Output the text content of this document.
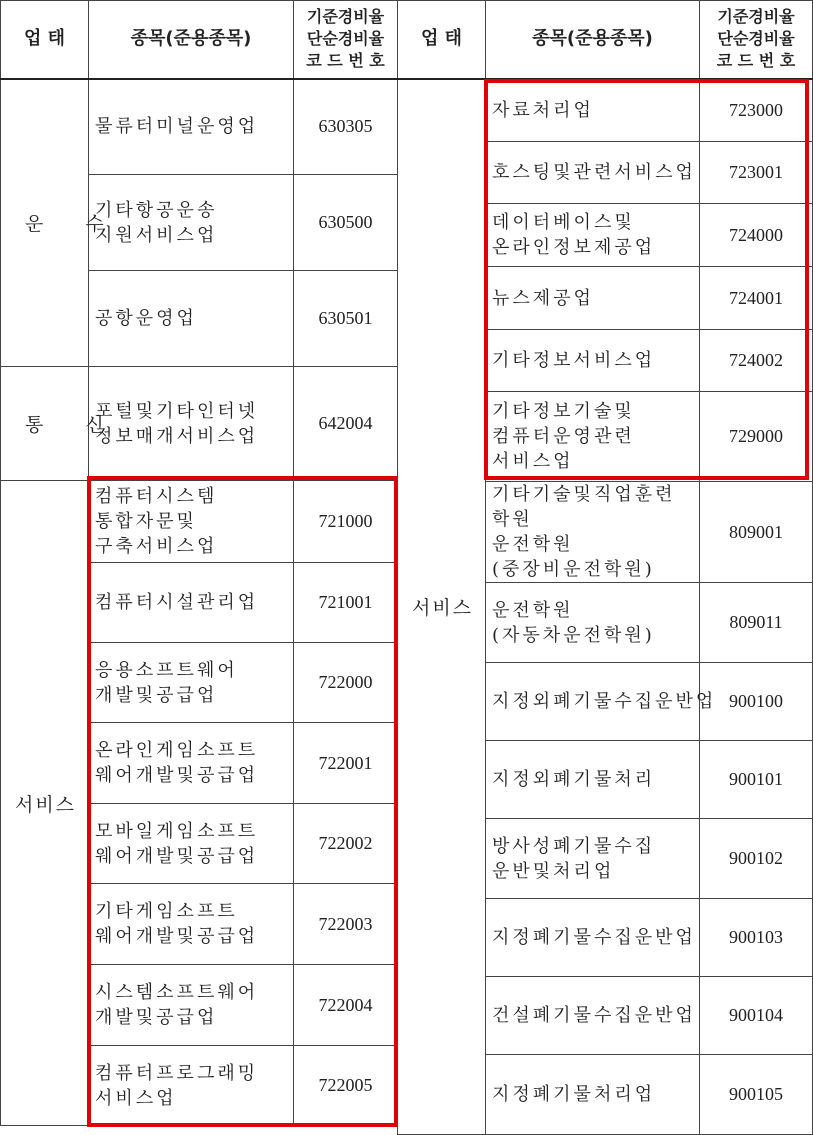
업 태	종목(준용종목)	기준경비율
단순경비율
코 드 번 호

운 수	물류터미널운영업	630305

	기타항공운송
지원서비스업	630500

	공항운영업	630501
통 신	포털및기타인터넷
정보매개서비스업	642004
서비스	컴퓨터시스템
통합자문및
구축서비스업	721000

	컴퓨터시설관리업	721001

	응용소프트웨어
개발및공급업	722000

	온라인게임소프트
웨어개발및공급업	722001

	모바일게임소프트
웨어개발및공급업	722002

	기타게임소프트
웨어개발및공급업	722003

	시스템소프트웨어
개발및공급업	722004

	컴퓨터프로그래밍
서비스업	722005
업 태	종목(준용종목)	기준경비율
단순경비율
코 드 번 호

서비스	자료처리업	723000

	호스팅및관련서비스업	723001

	데이터베이스및
온라인정보제공업	724000

	뉴스제공업	724001

	기타정보서비스업	724002

	기타정보기술및
컴퓨터운영관련
서비스업	729000

	기타기술및직업훈련
학원
운전학원
(중장비운전학원)	809001

	운전학원
(자동차운전학원)	809011

	지정외폐기물수집운반업	900100

	지정외폐기물처리	900101

	방사성폐기물수집
운반및처리업	900102

	지정폐기물수집운반업	900103

	건설폐기물수집운반업	900104

	지정폐기물처리업	900105
